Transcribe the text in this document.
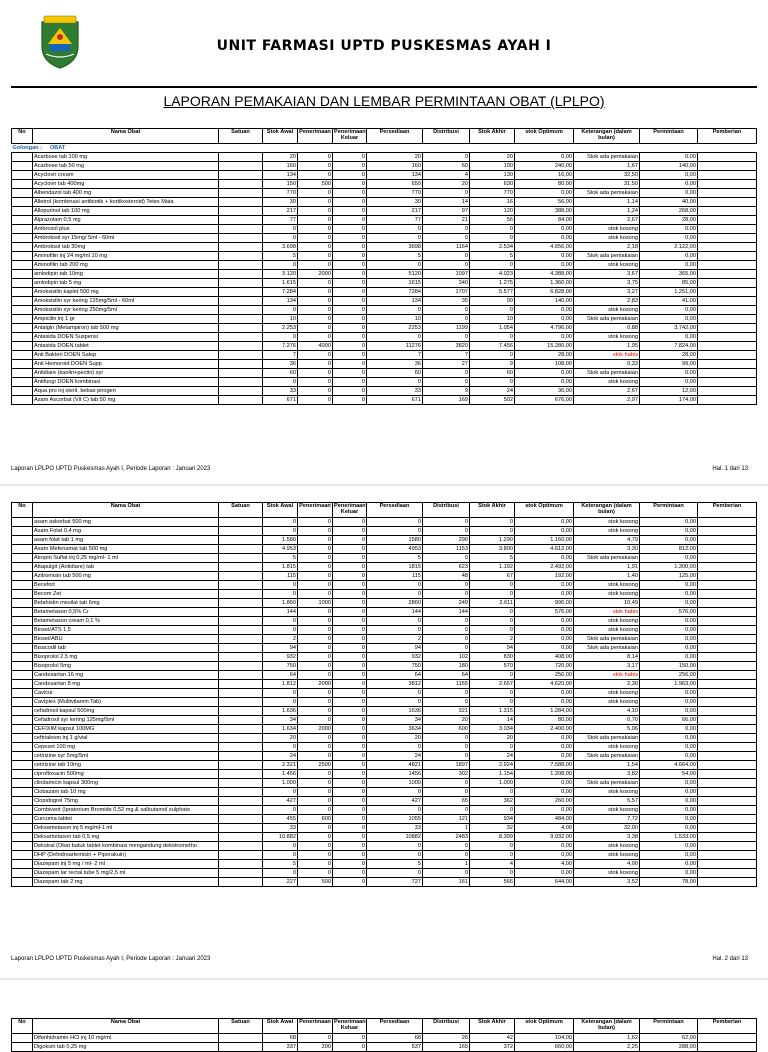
UNIT FARMASI UPTD PUSKESMAS AYAH I
LAPORAN PEMAKAIAN DAN LEMBAR PERMINTAAN OBAT (LPLPO)
No	Nama Obat	Satuan	Stok Awal	Penerimaan	Penerimaan Keluar	Persediaan	Distribusi	Stok Akhir	stok Optimum	Keterangan (dalam bulan)	Permintaan	Pemberian
Golongan : OBAT												
	Acarbose tab 100 mg		20	0	0	20	0	20	0,00	Stok ada pemakaian	0,00	
	Acarbose tab 50 mg		160	0	0	160	60	100	240,00	1,67	140,00	
	Acyclovir cream		134	0	0	134	4	130	16,00	32,50	0,00	
	Acyclovir tab 400mg		150	500	0	650	20	630	80,00	31,50	0,00	
	Albendazol tab 400 mg		770	0	0	770	0	770	0,00	Stok ada pemakaian	0,00	
	Alletrol (kombinasi antibiotik + kortikosteroid) Tetes Mata		30	0	0	30	14	16	56,00	1,14	40,00	
	Allopurinol tab 100 mg		217	0	0	217	97	120	388,00	1,24	268,00	
	Alprazolam 0,5 mg		77	0	0	77	21	56	84,00	2,67	28,00	
	Ambroxol plus		0	0	0	0	0	0	0,00	stok kosong	0,00	
	Ambroksol syr 15mg/ 5ml - 60ml		0	0	0	0	0	0	0,00	stok kosong	0,00	
	Ambroksol tab 30mg		3.698	0	0	3698	1164	2.534	4.656,00	2,18	2.122,00	
	Aminofilin inj 24 mg/ml 10 mg		5	0	0	5	0	5	0,00	Stok ada pemakaian	0,00	
	Aminofilin tab 200 mg		0	0	0	0	0	0	0,00	stok kosong	0,00	
	amlodipin tab 10mg		3.120	2000	0	5120	1097	4.023	4.388,00	3,67	365,00	
	amlodipin tab 5 mg		1.615	0	0	1615	340	1.275	1.360,00	3,75	85,00	
	Amoksisilin kaplet 500 mg		7.284	0	0	7284	1707	5.577	6.828,00	3,27	1.251,00	
	Amoksisilin syr kering 125mg/5ml - 60ml		134	0	0	134	35	99	140,00	2,83	41,00	
	Amoksisilin syr kering 250mg/5ml		0	0	0	0	0	0	0,00	stok kosong	0,00	
	Ampicilin inj 1 gr		10	0	0	10	0	10	0,00	Stok ada pemakaian	0,00	
	Antalgin (Metampiron) tab 500 mg		2.253	0	0	2253	1199	1.054	4.796,00	0,88	3.742,00	
	Antasida DOEN Suspensi		0	0	0	0	0	0	0,00	stok kosong	0,00	
	Antasida DOEN tablet		7.276	4000	0	11276	3820	7.456	15.280,00	1,95	7.824,00	
	Anti Bakteri DOEN Salep		7	0	0	7	7	0	28,00	stok habis	28,00	
	Anti Hemoroid DOEN Supp		36	0	0	36	27	9	108,00	0,33	99,00	
	Antidiare (kaolin+pectin) syr		60	0	0	60	0	60	0,00	Stok ada pemakaian	0,00	
	Antifungi DOEN kombinasi		0	0	0	0	0	0	0,00	stok kosong	0,00	
	Aqua pro inj steril, bebas pirogen		33	0	0	33	9	24	36,00	2,67	12,00	
	Asam Ascorbat (Vit C) tab 50 mg		671	0	0	671	169	502	676,00	2,97	174,00	
Laporan LPLPO UPTD Puskesmas Ayah I, Periode Laporan : Januari 2023	Hal. 1 dari 13
No	Nama Obat	Satuan	Stok Awal	Penerimaan	Penerimaan Keluar	Persediaan	Distribusi	Stok Akhir	stok Optimum	Keterangan (dalam bulan)	Permintaan	Pemberian
	asam askorbat 500 mg		0	0	0	0	0	0	0,00	stok kosong	0,00	
	Asam Folat 0,4 mg		0	0	0	0	0	0	0,00	stok kosong	0,00	
	asam folat tab 1 mg		1.580	0	0	1580	290	1.290	1.160,00	4,79	0,00	
	Asam Mefenamat tab 500 mg		4.953	0	0	4953	1153	3.800	4.612,00	3,30	812,00	
	Atropin Sulfat inj 0,25 mg/ml- 1 ml		5	0	0	5	0	5	0,00	Stok ada pemakaian	0,00	
	Attapulgit (Antidiare) tab		1.815	0	0	1815	623	1.192	2.492,00	1,91	1.300,00	
	Azitromisin tab 500 mg		115	0	0	115	48	67	192,00	1,40	125,00	
	Becefort		0	0	0	0	0	0	0,00	stok kosong	0,00	
	Becom Zet		0	0	0	0	0	0	0,00	stok kosong	0,00	
	Betahistin mesilat tab 6mg		1.860	1000	0	2860	249	2.611	996,00	10,49	0,00	
	Betametason 0,5% Cr		144	0	0	144	144	0	576,00	stok habis	576,00	
	Betametason cream 0,1 %		0	0	0	0	0	0	0,00	stok kosong	0,00	
	Bioset/ATS 1,5		0	0	0	0	0	0	0,00	stok kosong	0,00	
	Bioset/ABU		2	0	0	2	0	2	0,00	Stok ada pemakaian	0,00	
	Bisacodil tab		94	0	0	94	0	94	0,00	Stok ada pemakaian	0,00	
	Bisoprolol 2,5 mg		932	0	0	932	102	830	408,00	8,14	0,00	
	Bisoprolol 5mg		750	0	0	750	180	570	720,00	3,17	150,00	
	Candesartan 16 mg		64	0	0	64	64	0	256,00	stok habis	256,00	
	Candesartan 8 mg		1.812	2000	0	3812	1155	2.657	4.620,00	2,30	1.963,00	
	Cavicur		0	0	0	0	0	0	0,00	stok kosong	0,00	
	CavIplex (Multivitamin Tab)		0	0	0	0	0	0	0,00	stok kosong	0,00	
	cefadroxil kapsul 500mg		1.636	0	0	1636	321	1.315	1.284,00	4,10	0,00	
	Cefadroxil syr kering 125mg/5ml		34	0	0	34	20	14	80,00	0,70	66,00	
	CEFIXIM kapsul 100MG		1.634	2000	0	3634	600	3.034	2.400,00	5,06	0,00	
	ceftriakson inj 1 g/vial		20	0	0	20	0	20	0,00	Stok ada pemakaian	0,00	
	Cepezet 100 mg		0	0	0	0	0	0	0,00	stok kosong	0,00	
	cetirizine syr 5mg/5ml		24	0	0	24	0	24	0,00	Stok ada pemakaian	0,00	
	cetirizine tab 10mg		2.321	2500	0	4821	1897	2.924	7.588,00	1,54	4.664,00	
	ciprofloxacin 500mg		1.456	0	0	1456	302	1.154	1.208,00	3,82	54,00	
	clindamicin kapsul 300mg		1.000	0	0	1000	0	1.000	0,00	Stok ada pemakaian	0,00	
	Clobazam tab 10 mg		0	0	0	0	0	0	0,00	stok kosong	0,00	
	Clopidogrel 75mg		427	0	0	427	65	362	260,00	5,57	0,00	
	Combivent (Ipratorium Bromide 0,52 mg & salbutamol sulphate		0	0	0	0	0	0	0,00	stok kosong	0,00	
	Curcuma tablet		455	600	0	1055	121	934	484,00	7,72	0,00	
	Deksametason inj 5 mg/ml-1 ml		33	0	0	33	1	32	4,00	32,00	0,00	
	Deksametason tab 0,5 mg		10.882	0	0	10882	2483	8.399	9.932,00	3,38	1.533,00	
	Dekstral (Obat batuk tablet kombinasi mengandung dekstrometho		0	0	0	0	0	0	0,00	stok kosong	0,00	
	DHP (Dehidroartemisin + Piperakuin)		0	0	0	0	0	0	0,00	stok kosong	0,00	
	Diazepam inj 5 mg / ml- 2 ml		5	0	0	5	1	4	4,00	4,00	0,00	
	Diazepam lar rectal tube 5 mg/2,5 ml		0	0	0	0	0	0	0,00	stok kosong	0,00	
	Diazepam tab 2 mg		227	500	0	727	161	566	644,00	3,52	78,00	
Laporan LPLPO UPTD Puskesmas Ayah I, Periode Laporan : Januari 2023	Hal. 2 dari 13
No	Nama Obat	Satuan	Stok Awal	Penerimaan	Penerimaan Keluar	Persediaan	Distribusi	Stok Akhir	stok Optimum	Keterangan (dalam bulan)	Permintaan	Pemberian
	Difenhidramin HCl inj 10 mg/ml		68	0	0	68	26	42	104,00	1,62	62,00	
	Digoksin tab 0,25 mg		337	200	0	537	165	372	660,00	2,25	288,00	
